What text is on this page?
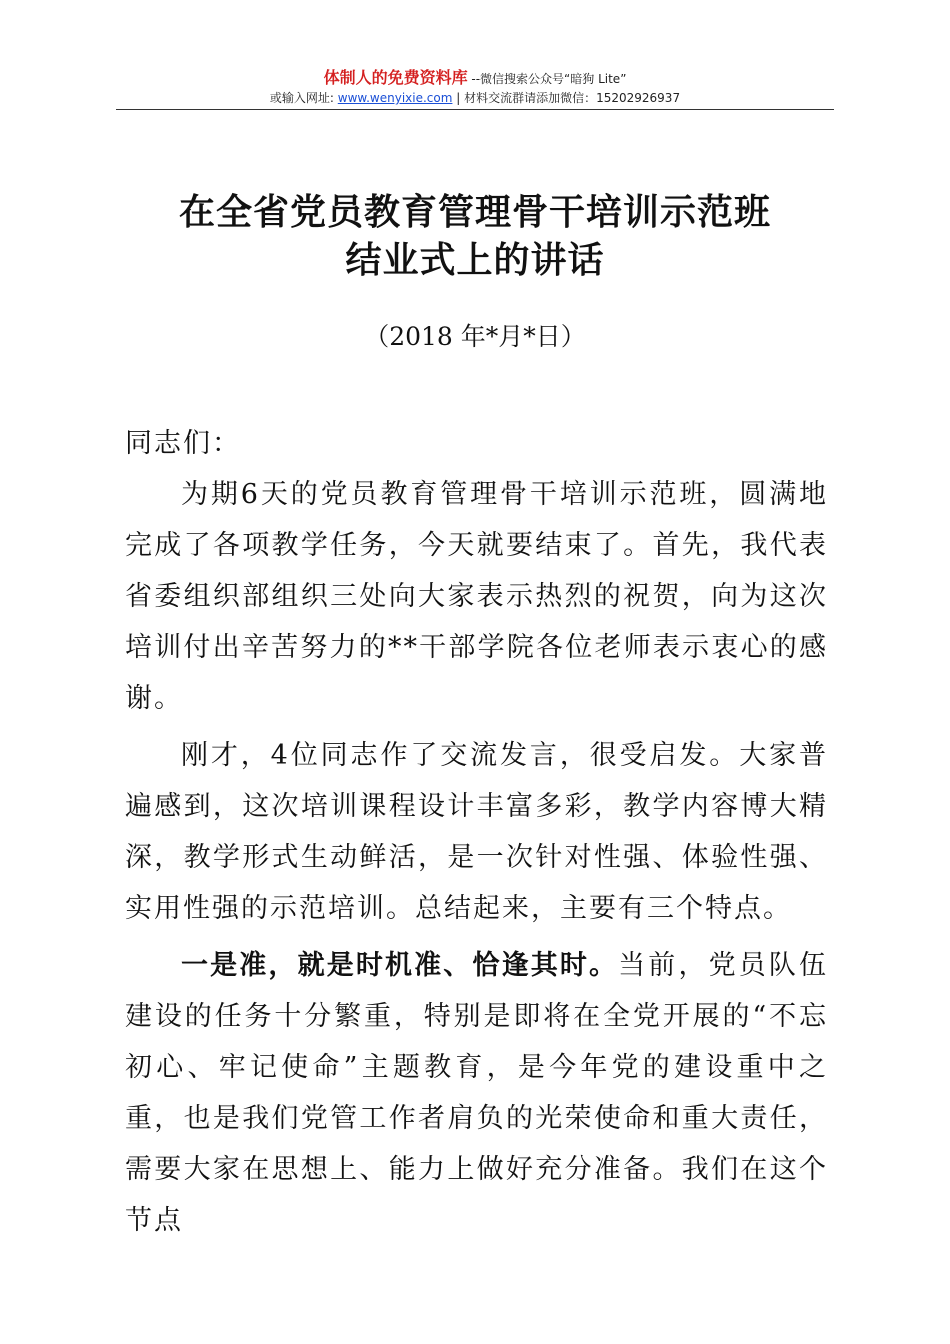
体制人的免费资料库 --微信搜索公众号“暗狗 Lite”
或输入网址: www.wenyixie.com | 材料交流群请添加微信：15202926937
在全省党员教育管理骨干培训示范班
结业式上的讲话
（2018 年*月*日）

同志们：

为期6天的党员教育管理骨干培训示范班，圆满地完成了各项教学任务，今天就要结束了。首先，我代表省委组织部组织三处向大家表示热烈的祝贺，向为这次培训付出辛苦努力的**干部学院各位老师表示衷心的感谢。

刚才，4位同志作了交流发言，很受启发。大家普遍感到，这次培训课程设计丰富多彩，教学内容博大精深，教学形式生动鲜活，是一次针对性强、体验性强、实用性强的示范培训。总结起来，主要有三个特点。

一是准，就是时机准、恰逢其时。当前，党员队伍建设的任务十分繁重，特别是即将在全党开展的“不忘初心、牢记使命”主题教育，是今年党的建设重中之重，也是我们党管工作者肩负的光荣使命和重大责任，需要大家在思想上、能力上做好充分准备。我们在这个节点
